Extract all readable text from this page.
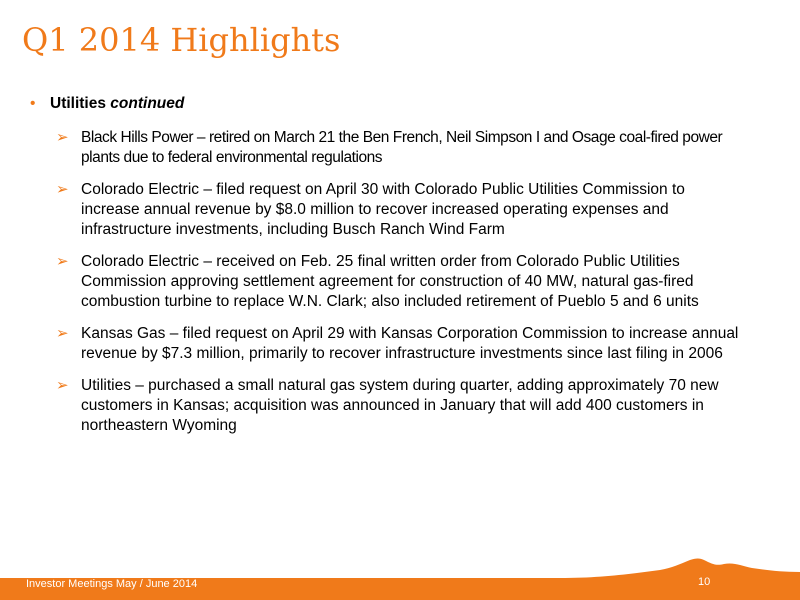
Q1 2014 Highlights
• Utilities continued
➢ Black Hills Power – retired on March 21 the Ben French, Neil Simpson I and Osage coal-fired power plants due to federal environmental regulations
➢ Colorado Electric – filed request on April 30 with Colorado Public Utilities Commission to increase annual revenue by $8.0 million to recover increased operating expenses and infrastructure investments, including Busch Ranch Wind Farm
➢ Colorado Electric – received on Feb. 25 final written order from Colorado Public Utilities Commission approving settlement agreement for construction of 40 MW, natural gas-fired combustion turbine to replace W.N. Clark; also included retirement of Pueblo 5 and 6 units
➢ Kansas Gas – filed request on April 29 with Kansas Corporation Commission to increase annual revenue by $7.3 million, primarily to recover infrastructure investments since last filing in 2006
➢ Utilities – purchased a small natural gas system during quarter, adding approximately 70 new customers in Kansas; acquisition was announced in January that will add 400 customers in northeastern Wyoming
Investor Meetings May / June 2014	10
